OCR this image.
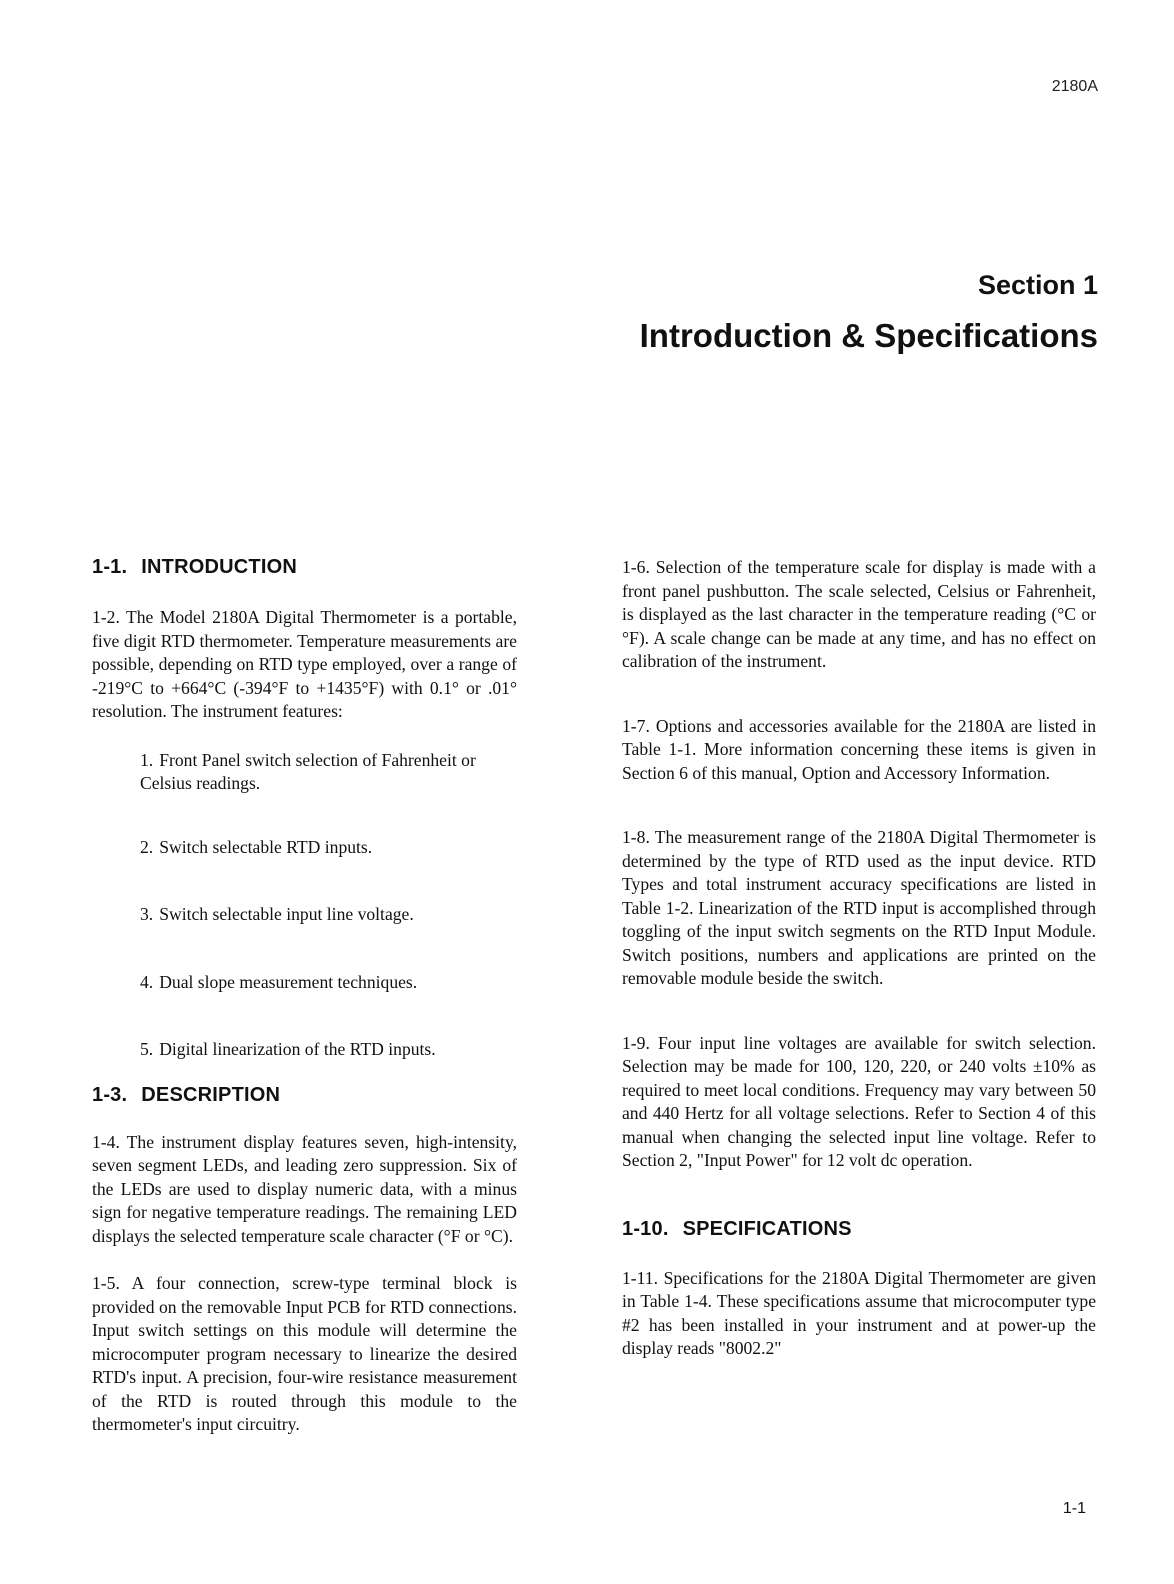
2180A
Section 1
Introduction & Specifications
1-1. INTRODUCTION

1-2. The Model 2180A Digital Thermometer is a portable, five digit RTD thermometer. Temperature measurements are possible, depending on RTD type employed, over a range of -219°C to +664°C (-394°F to +1435°F) with 0.1° or .01° resolution. The instrument features:

1. Front Panel switch selection of Fahrenheit or Celsius readings.

2. Switch selectable RTD inputs.

3. Switch selectable input line voltage.

4. Dual slope measurement techniques.

5. Digital linearization of the RTD inputs.

1-3. DESCRIPTION

1-4. The instrument display features seven, high-intensity, seven segment LEDs, and leading zero suppression. Six of the LEDs are used to display numeric data, with a minus sign for negative temperature readings. The remaining LED displays the selected temperature scale character (°F or °C).

1-5. A four connection, screw-type terminal block is provided on the removable Input PCB for RTD connections. Input switch settings on this module will determine the microcomputer program necessary to linearize the desired RTD's input. A precision, four-wire resistance measurement of the RTD is routed through this module to the thermometer's input circuitry.

1-6. Selection of the temperature scale for display is made with a front panel pushbutton. The scale selected, Celsius or Fahrenheit, is displayed as the last character in the temperature reading (°C or °F). A scale change can be made at any time, and has no effect on calibration of the instrument.

1-7. Options and accessories available for the 2180A are listed in Table 1-1. More information concerning these items is given in Section 6 of this manual, Option and Accessory Information.

1-8. The measurement range of the 2180A Digital Thermometer is determined by the type of RTD used as the input device. RTD Types and total instrument accuracy specifications are listed in Table 1-2. Linearization of the RTD input is accomplished through toggling of the input switch segments on the RTD Input Module. Switch positions, numbers and applications are printed on the removable module beside the switch.

1-9. Four input line voltages are available for switch selection. Selection may be made for 100, 120, 220, or 240 volts ±10% as required to meet local conditions. Frequency may vary between 50 and 440 Hertz for all voltage selections. Refer to Section 4 of this manual when changing the selected input line voltage. Refer to Section 2, "Input Power" for 12 volt dc operation.

1-10. SPECIFICATIONS

1-11. Specifications for the 2180A Digital Thermometer are given in Table 1-4. These specifications assume that microcomputer type #2 has been installed in your instrument and at power-up the display reads "8002.2"

1-1
